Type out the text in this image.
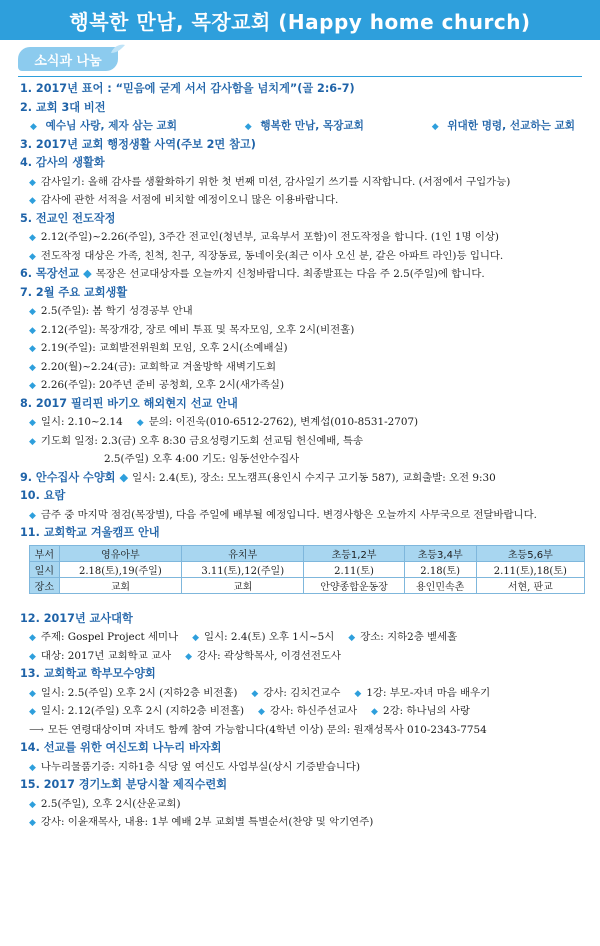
행복한 만남, 목장교회 (Happy home church)
소식과 나눔
1. 2017년 표어 : “믿음에 굳게 서서 감사함을 넘치게”(골 2:6-7)
2. 교회 3대 비전
◆ 예수님 사랑, 제자 삼는 교회	◆ 행복한 만남, 목장교회	◆ 위대한 명령, 선교하는 교회
3. 2017년 교회 행정생활 사역(주보 2면 참고)
4. 감사의 생활화
◆ 감사일기: 올해 감사를 생활화하기 위한 첫 번째 미션, 감사일기 쓰기를 시작합니다. (서점에서 구입가능)
◆ 감사에 관한 서적을 서점에 비치할 예정이오니 많은 이용바랍니다.
5. 전교인 전도작정
◆ 2.12(주일)~2.26(주일), 3주간 전교인(청년부, 교육부서 포함)이 전도작정을 합니다. (1인 1명 이상)
◆ 전도작정 대상은 가족, 친척, 친구, 직장동료, 동네이웃(최근 이사 오신 분, 같은 아파트 라인)등 입니다.
6. 목장선교 ◆ 목장은 선교대상자를 오늘까지 신청바랍니다. 최종발표는 다음 주 2.5(주일)에 합니다.
7. 2월 주요 교회생활
◆ 2.5(주일): 봄 학기 성경공부 안내
◆ 2.12(주일): 목장개강, 장로 예비 투표 및 목자모임, 오후 2시(비전홀)
◆ 2.19(주일): 교회발전위원회 모임, 오후 2시(소예배실)
◆ 2.20(월)~2.24(금): 교회학교 겨울방학 새벽기도회
◆ 2.26(주일): 20주년 준비 공청회, 오후 2시(새가족실)
8. 2017 필리핀 바기오 해외현지 선교 안내
◆ 일시: 2.10~2.14 ◆ 문의: 이진욱(010-6512-2762), 변계섭(010-8531-2707)
◆ 기도회 일정: 2.3(금) 오후 8:30 금요성령기도회 선교팀 헌신예배, 특송
2.5(주일) 오후 4:00 기도: 임동선안수집사
9. 안수집사 수양회 ◆ 일시: 2.4(토), 장소: 모노캠프(용인시 수지구 고기동 587), 교회출발: 오전 9:30
10. 요람
◆ 금주 중 마지막 점검(목장별), 다음 주일에 배부될 예정입니다. 변경사항은 오늘까지 사무국으로 전달바랍니다.
11. 교회학교 겨울캠프 안내
부서	영유아부	유치부	초등1,2부	초등3,4부	초등5,6부
일시	2.18(토),19(주일)	3.11(토),12(주일)	2.11(토)	2.18(토)	2.11(토),18(토)
장소	교회	교회	안양종합운동장	용인민속촌	서현, 판교
12. 2017년 교사대학
◆ 주제: Gospel Project 세미나 ◆ 일시: 2.4(토) 오후 1시~5시 ◆ 장소: 지하2층 벧세홀
◆ 대상: 2017년 교회학교 교사 ◆ 강사: 곽상학목사, 이경선전도사
13. 교회학교 학부모수양회
◆ 일시: 2.5(주일) 오후 2시 (지하2층 비전홀) ◆ 강사: 김치건교수 ◆ 1강: 부모-자녀 마음 배우기
◆ 일시: 2.12(주일) 오후 2시 (지하2층 비전홀) ◆ 강사: 하신주선교사 ◆ 2강: 하나님의 사랑
⟶ 모든 연령대상이며 자녀도 함께 참여 가능합니다(4학년 이상) 문의: 원재성목사 010-2343-7754
14. 선교를 위한 여신도회 나누리 바자회
◆ 나누리물품기증: 지하1층 식당 옆 여신도 사업부실(상시 기증받습니다)
15. 2017 경기노회 분당시찰 제직수련회
◆ 2.5(주일), 오후 2시(산운교회)
◆ 강사: 이윤재목사, 내용: 1부 예배 2부 교회별 특별순서(찬양 및 악기연주)
